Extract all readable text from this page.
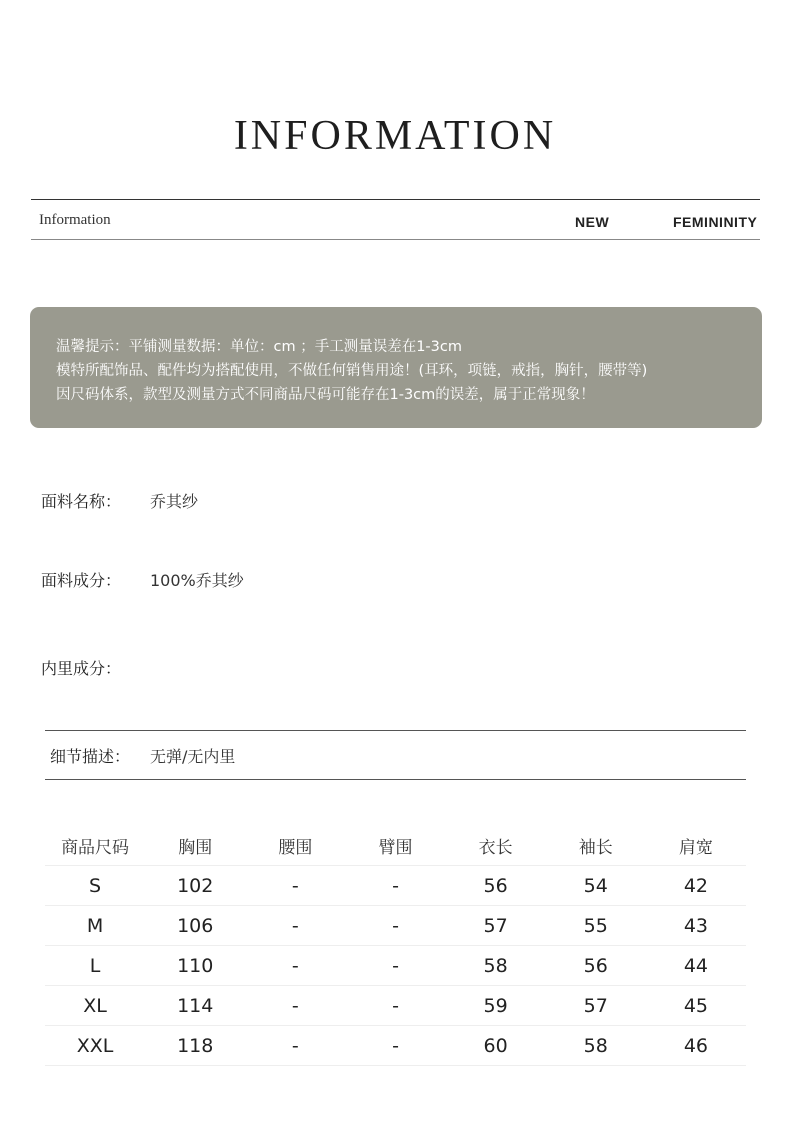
INFORMATION
Information	NEW	FEMININITY
温馨提示：平铺测量数据：单位：cm ；手工测量误差在1-3cm
模特所配饰品、配件均为搭配使用，不做任何销售用途！(耳环，项链，戒指，胸针，腰带等)
因尺码体系，款型及测量方式不同商品尺码可能存在1-3cm的误差，属于正常现象！
面料名称： 乔其纱
面料成分： 100%乔其纱
内里成分：
细节描述： 无弹/无内里
商品尺码	胸围	腰围	臂围	衣长	袖长	肩宽
S	102	-	-	56	54	42
M	106	-	-	57	55	43
L	110	-	-	58	56	44
XL	114	-	-	59	57	45
XXL	118	-	-	60	58	46
